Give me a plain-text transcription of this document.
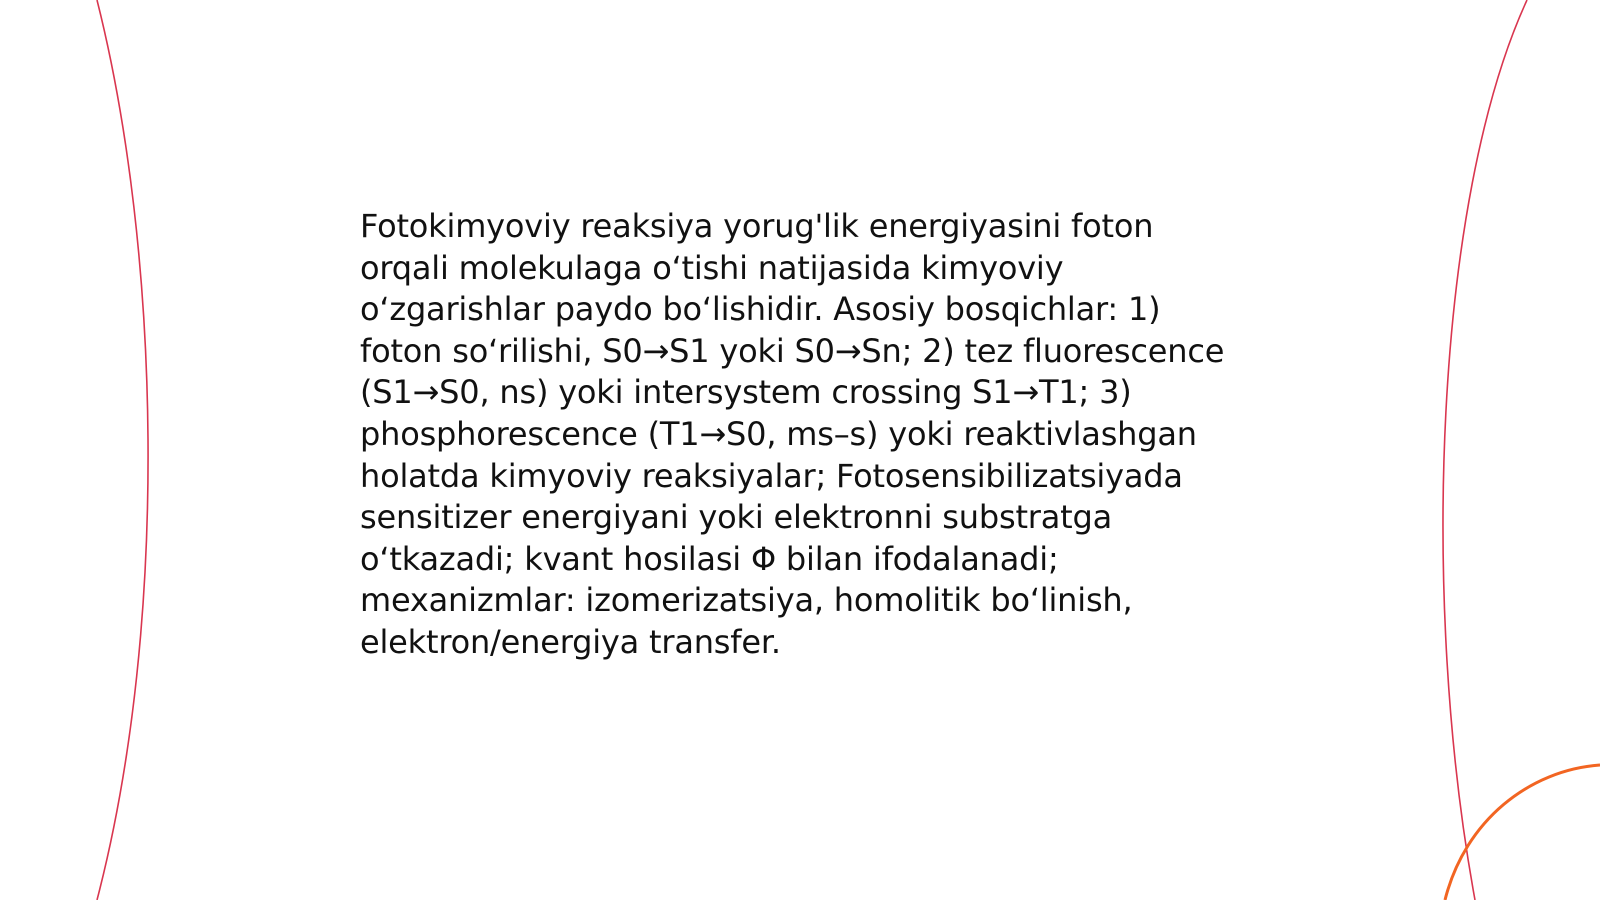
Fotokimyoviy reaksiya yorug'lik energiyasini foton orqali molekulaga oʻtishi natijasida kimyoviy oʻzgarishlar paydo boʻlishidir. Asosiy bosqichlar: 1) foton soʻrilishi, S0→S1 yoki S0→Sn; 2) tez fluorescence (S1→S0, ns) yoki intersystem crossing S1→T1; 3) phosphorescence (T1→S0, ms–s) yoki reaktivlashgan holatda kimyoviy reaksiyalar; Fotosensibilizatsiyada sensitizer energiyani yoki elektronni substratga oʻtkazadi; kvant hosilasi Φ bilan ifodalanadi; mexanizmlar: izomerizatsiya, homolitik boʻlinish, elektron/energiya transfer.
